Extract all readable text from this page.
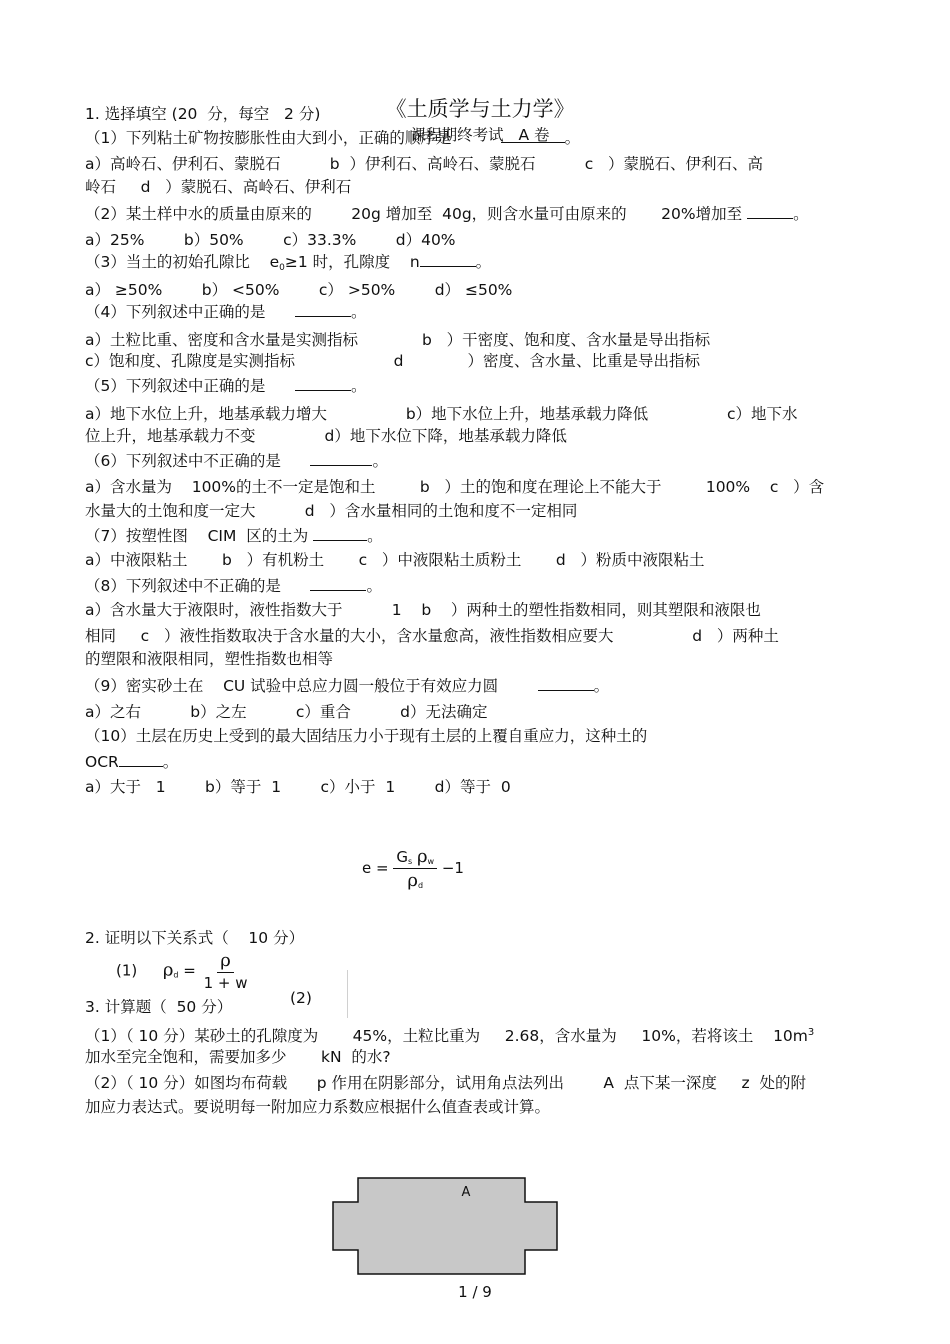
《土质学与土力学》
课程期终考试   A 卷

1. 选择填空 (20  分，每空   2 分)
（1）下列粘土矿物按膨胀性由大到小，正确的顺序是	。
a）高岭石、伊利石、蒙脱石          b  ）伊利石、高岭石、蒙脱石          c   ）蒙脱石、伊利石、高
岭石     d   ）蒙脱石、高岭石、伊利石
（2）某土样中水的质量由原来的        20g 增加至  40g，则含水量可由原来的       20%增加至	。
a）25%        b）50%        c）33.3%        d）40%
（3）当土的初始孔隙比    e0≥1 时，孔隙度    n	。
a） ≥50%        b） <50%        c） >50%        d） ≤50%
（4）下列叙述中正确的是	。
a）土粒比重、密度和含水量是实测指标             b   ）干密度、饱和度、含水量是导出指标
c）饱和度、孔隙度是实测指标                    d             ）密度、含水量、比重是导出指标
（5）下列叙述中正确的是	。
a）地下水位上升，地基承载力增大                b）地下水位上升，地基承载力降低                c）地下水
位上升，地基承载力不变              d）地下水位下降，地基承载力降低
（6）下列叙述中不正确的是	。
a）含水量为    100%的土不一定是饱和土         b   ）土的饱和度在理论上不能大于         100%    c   ）含
水量大的土饱和度一定大          d   ）含水量相同的土饱和度不一定相同
（7）按塑性图    CIM  区的土为	。
a）中液限粘土       b   ）有机粉土       c   ）中液限粘土质粉土       d   ）粉质中液限粘土
（8）下列叙述中不正确的是	。
a）含水量大于液限时，液性指数大于          1    b    ）两种土的塑性指数相同，则其塑限和液限也
相同     c   ）液性指数取决于含水量的大小，含水量愈高，液性指数相应要大                d   ）两种土
的塑限和液限相同，塑性指数也相等
（9）密实砂土在    CU 试验中总应力圆一般位于有效应力圆	。
a）之右          b）之左          c）重合          d）无法确定
（10）土层在历史上受到的最大固结压力小于现有土层的上覆自重应力，这种土的
OCR	。
a）大于   1        b）等于  1        c）小于  1        d）等于  0
$e = \frac{\text{Gs ρw}}{\rho d} -1$
2. 证明以下关系式（    10 分）
(1) $\rho d = \frac{\rho}{1 + w}$
(2)
3. 计算题（  50 分）
（1）（ 10 分）某砂土的孔隙度为       45%，土粒比重为     2.68，含水量为     10%，若将该土    $10m^3$
加水至完全饱和，需要加多少       kN  的水?
（2）（ 10 分）如图均布荷载      p 作用在阴影部分，试用角点法列出        A  点下某一深度     z  处的附
加应力表达式。要说明每一附加应力系数应根据什么值查表或计算。
A
1 / 9
